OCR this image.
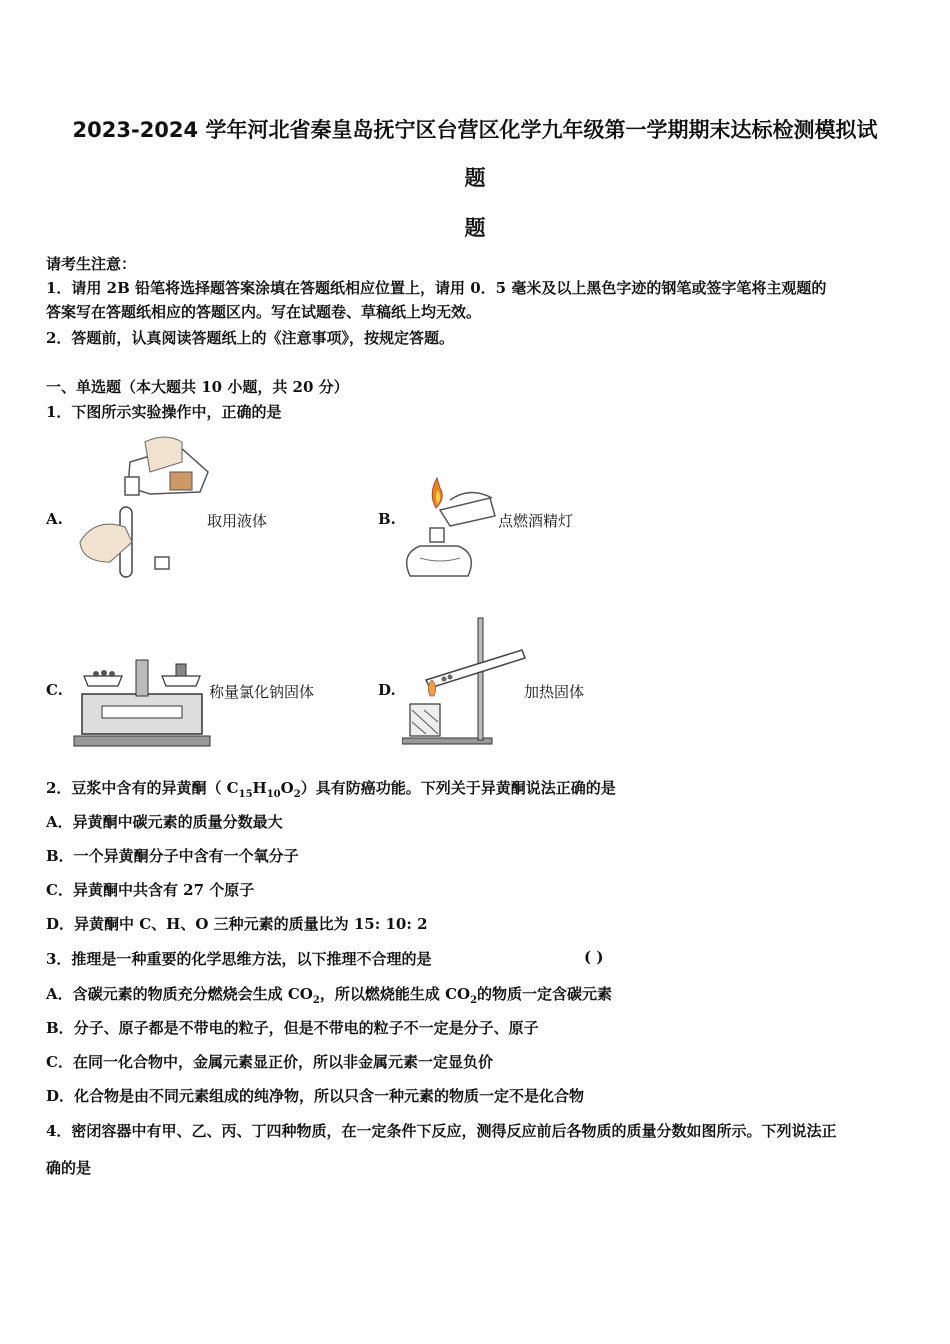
2023-2024 学年河北省秦皇岛抚宁区台营区化学九年级第一学期期末达标检测模拟试
题
题
请考生注意：
1．请用 2B 铅笔将选择题答案涂填在答题纸相应位置上，请用 0．5 毫米及以上黑色字迹的钢笔或签字笔将主观题的
答案写在答题纸相应的答题区内。写在试题卷、草稿纸上均无效。
2．答题前，认真阅读答题纸上的《注意事项》，按规定答题。
一、单选题（本大题共 10 小题，共 20 分）
1．下图所示实验操作中，正确的是
A.	取用液体	B.	点燃酒精灯
C.	称量氯化钠固体	D.	加热固体
2．豆浆中含有的异黄酮（ $C_{15}H_{10}O_2$）具有防癌功能。下列关于异黄酮说法正确的是
A．异黄酮中碳元素的质量分数最大
B．一个异黄酮分子中含有一个氧分子
C．异黄酮中共含有 27 个原子
D．异黄酮中 C、H、O 三种元素的质量比为 15: 10: 2
3．推理是一种重要的化学思维方法，以下推理不合理的是	( )
A．含碳元素的物质充分燃烧会生成 $CO_2$，所以燃烧能生成 $CO_2$的物质一定含碳元素
B．分子、原子都是不带电的粒子，但是不带电的粒子不一定是分子、原子
C．在同一化合物中，金属元素显正价，所以非金属元素一定显负价
D．化合物是由不同元素组成的纯净物，所以只含一种元素的物质一定不是化合物
4．密闭容器中有甲、乙、丙、丁四种物质，在一定条件下反应，测得反应前后各物质的质量分数如图所示。下列说法正
确的是
